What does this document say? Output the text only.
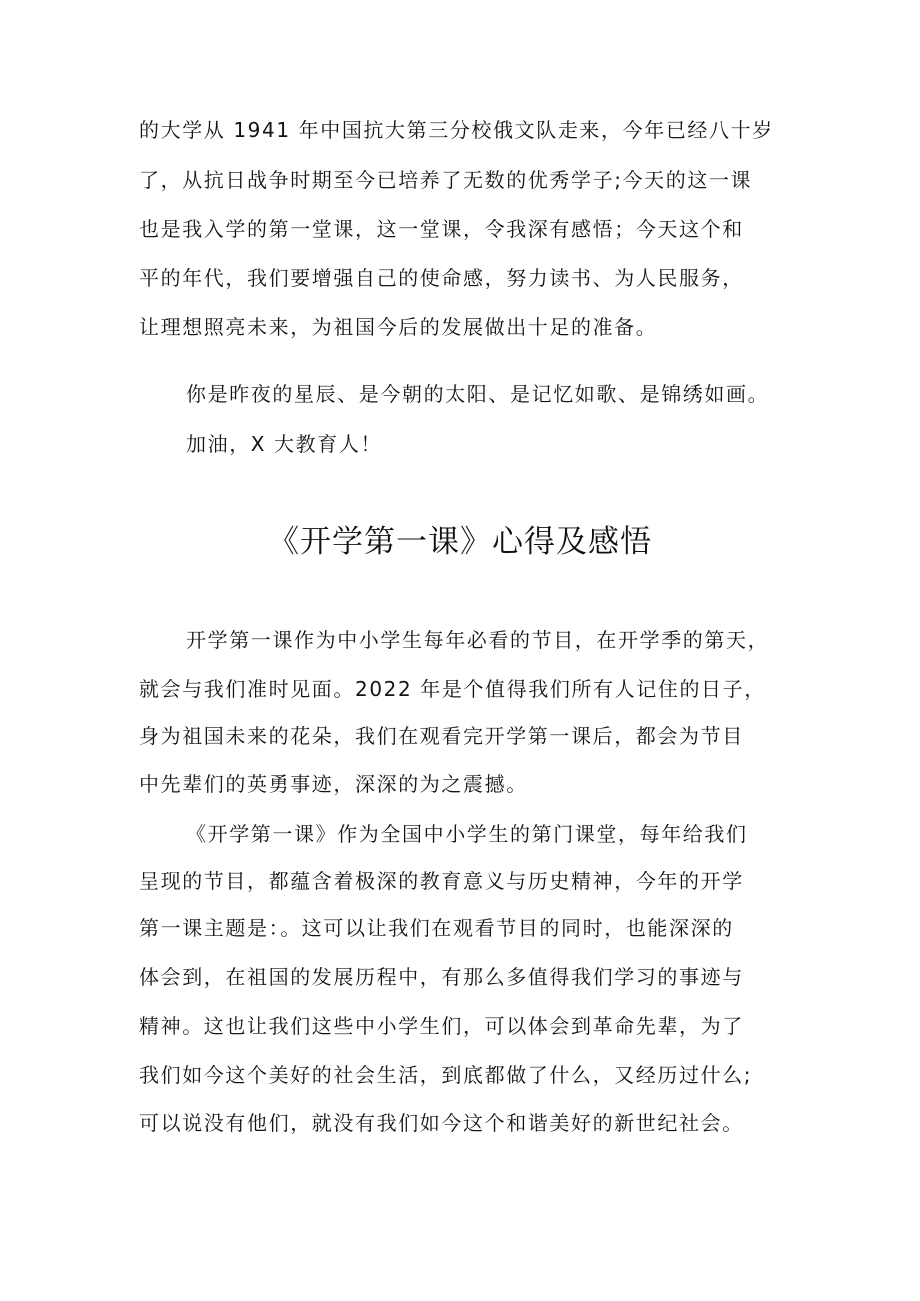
的大学从 1941 年中国抗大第三分校俄文队走来，今年已经八十岁
了，从抗日战争时期至今已培养了无数的优秀学子;今天的这一课
也是我入学的第一堂课，这一堂课，令我深有感悟；今天这个和
平的年代，我们要增强自己的使命感，努力读书、为人民服务，
让理想照亮未来，为祖国今后的发展做出十足的准备。
你是昨夜的星辰、是今朝的太阳、是记忆如歌、是锦绣如画。
加油，X 大教育人！
《开学第一课》心得及感悟
开学第一课作为中小学生每年必看的节目，在开学季的第天，
就会与我们准时见面。2022 年是个值得我们所有人记住的日子，
身为祖国未来的花朵，我们在观看完开学第一课后，都会为节目
中先辈们的英勇事迹，深深的为之震撼。
《开学第一课》作为全国中小学生的第门课堂，每年给我们
呈现的节目，都蕴含着极深的教育意义与历史精神，今年的开学
第一课主题是：。这可以让我们在观看节目的同时，也能深深的
体会到，在祖国的发展历程中，有那么多值得我们学习的事迹与
精神。这也让我们这些中小学生们，可以体会到革命先辈，为了
我们如今这个美好的社会生活，到底都做了什么，又经历过什么;
可以说没有他们，就没有我们如今这个和谐美好的新世纪社会。
